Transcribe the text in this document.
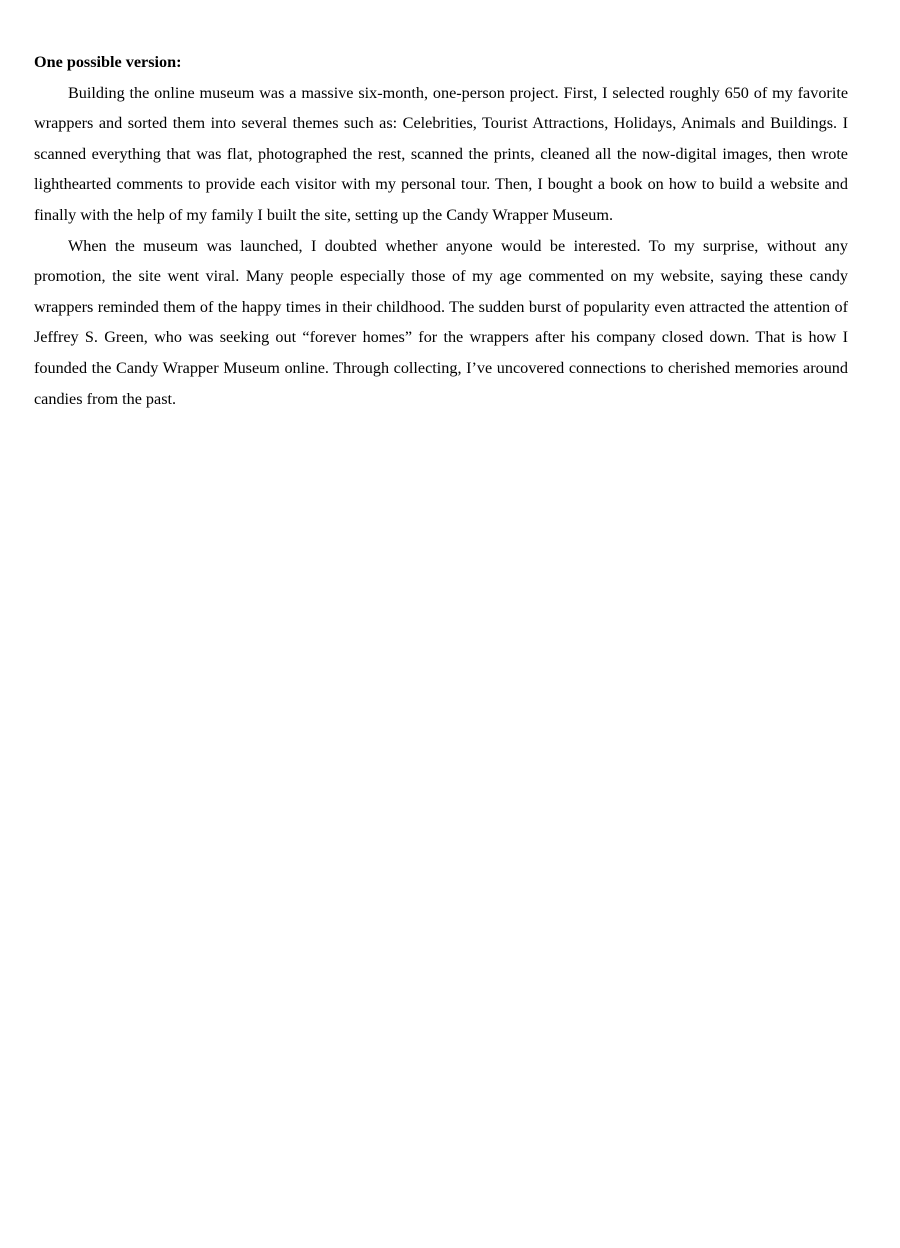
One possible version:

Building the online museum was a massive six-month, one-person project. First, I selected roughly 650 of my favorite wrappers and sorted them into several themes such as: Celebrities, Tourist Attractions, Holidays, Animals and Buildings. I scanned everything that was flat, photographed the rest, scanned the prints, cleaned all the now-digital images, then wrote lighthearted comments to provide each visitor with my personal tour. Then, I bought a book on how to build a website and finally with the help of my family I built the site, setting up the Candy Wrapper Museum.

When the museum was launched, I doubted whether anyone would be interested. To my surprise, without any promotion, the site went viral. Many people especially those of my age commented on my website, saying these candy wrappers reminded them of the happy times in their childhood. The sudden burst of popularity even attracted the attention of Jeffrey S. Green, who was seeking out “forever homes” for the wrappers after his company closed down. That is how I founded the Candy Wrapper Museum online. Through collecting, I’ve uncovered connections to cherished memories around candies from the past.
